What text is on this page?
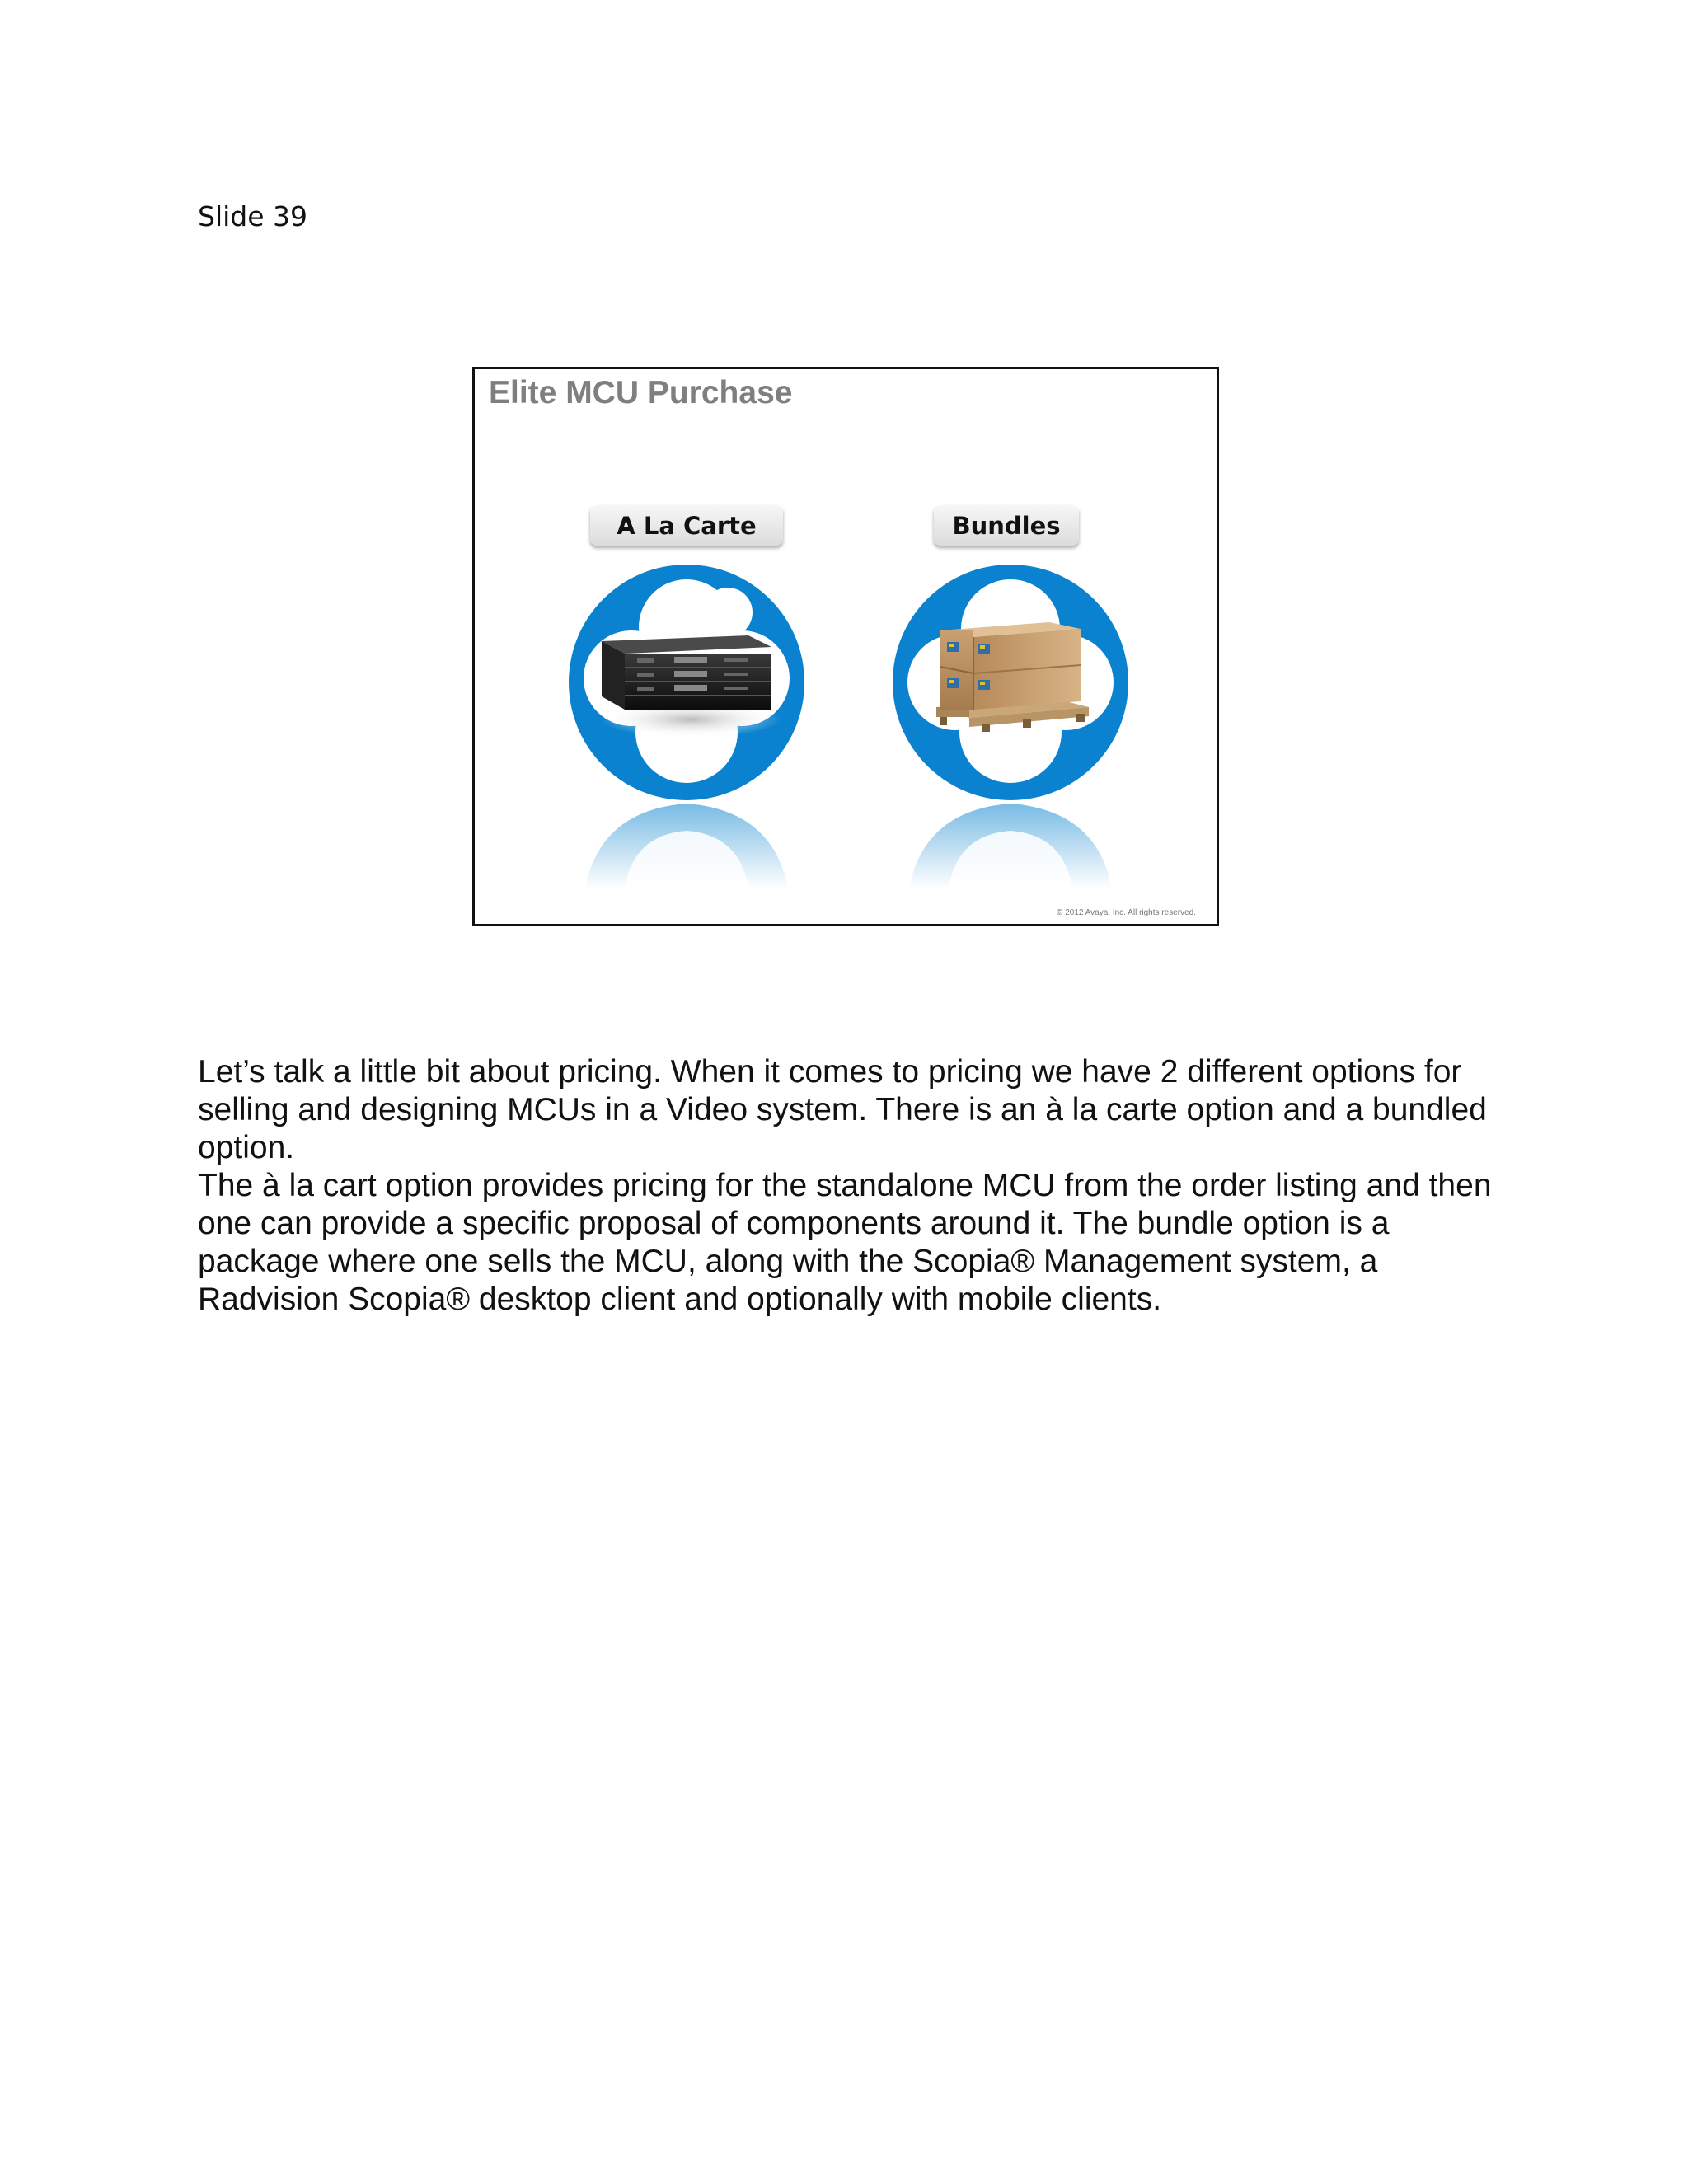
Slide 39
Elite MCU Purchase
A La Carte	Bundles
© 2012 Avaya, Inc. All rights reserved.

Let’s talk a little bit about pricing. When it comes to pricing we have 2 different options for selling and designing MCUs in a Video system. There is an à la carte option and a bundled option.

The à la cart option provides pricing for the standalone MCU from the order listing and then one can provide a specific proposal of components around it. The bundle option is a package where one sells the MCU, along with the Scopia® Management system, a Radvision Scopia® desktop client and optionally with mobile clients.
